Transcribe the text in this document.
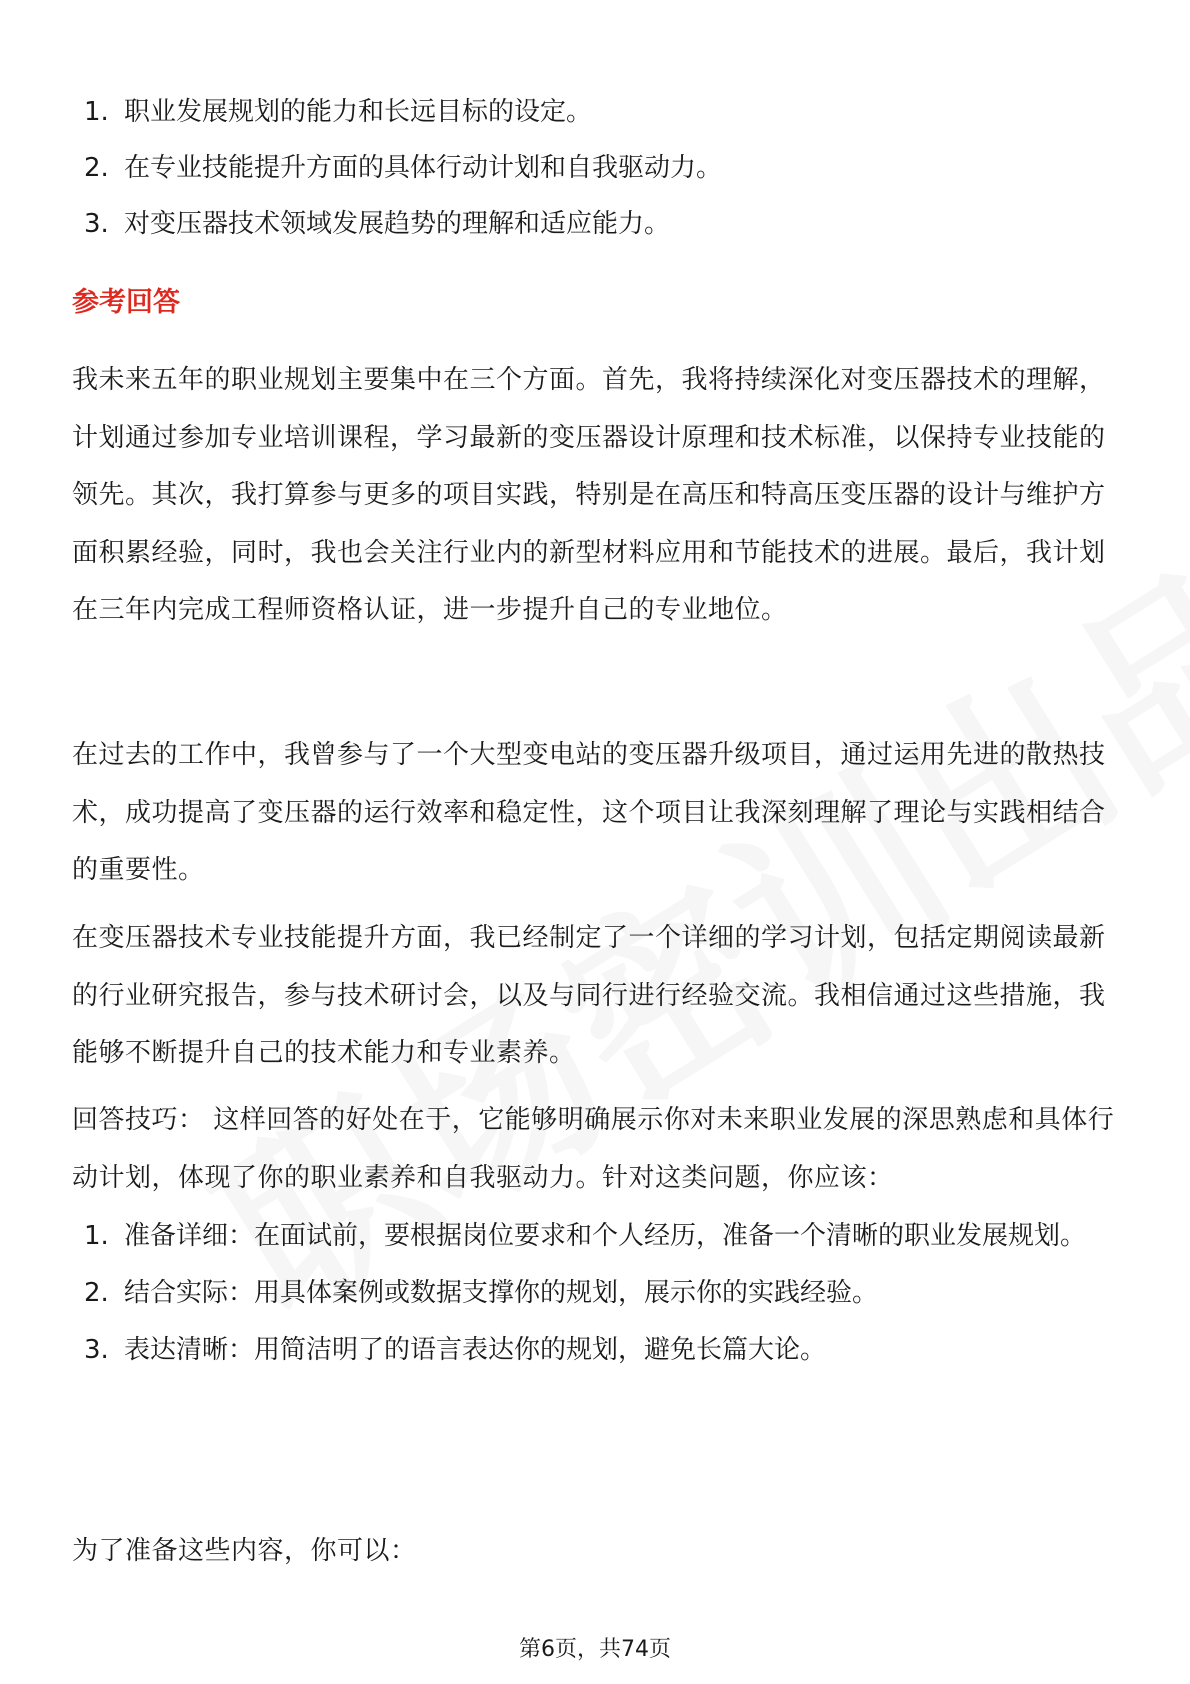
1. 职业发展规划的能力和长远目标的设定。
2. 在专业技能提升方面的具体行动计划和自我驱动力。
3. 对变压器技术领域发展趋势的理解和适应能力。
参考回答

我未来五年的职业规划主要集中在三个方面。首先，我将持续深化对变压器技术的理解，计划通过参加专业培训课程，学习最新的变压器设计原理和技术标准，以保持专业技能的领先。其次，我打算参与更多的项目实践，特别是在高压和特高压变压器的设计与维护方面积累经验，同时，我也会关注行业内的新型材料应用和节能技术的进展。最后，我计划在三年内完成工程师资格认证，进一步提升自己的专业地位。

在过去的工作中，我曾参与了一个大型变电站的变压器升级项目，通过运用先进的散热技术，成功提高了变压器的运行效率和稳定性，这个项目让我深刻理解了理论与实践相结合的重要性。

在变压器技术专业技能提升方面，我已经制定了一个详细的学习计划，包括定期阅读最新的行业研究报告，参与技术研讨会，以及与同行进行经验交流。我相信通过这些措施，我能够不断提升自己的技术能力和专业素养。

回答技巧： 这样回答的好处在于，它能够明确展示你对未来职业发展的深思熟虑和具体行动计划，体现了你的职业素养和自我驱动力。针对这类问题，你应该：

1. 准备详细：在面试前，要根据岗位要求和个人经历，准备一个清晰的职业发展规划。
2. 结合实际：用具体案例或数据支撑你的规划，展示你的实践经验。
3. 表达清晰：用简洁明了的语言表达你的规划，避免长篇大论。

为了准备这些内容，你可以：

第6页，共74页
